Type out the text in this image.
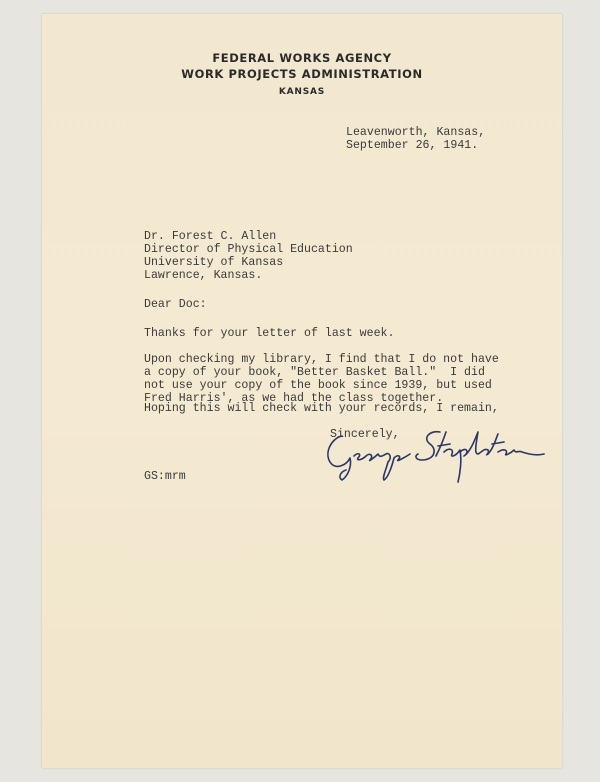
FEDERAL WORKS AGENCY
WORK PROJECTS ADMINISTRATION
KANSAS
Leavenworth, Kansas,
September 26, 1941.
Dr. Forest C. Allen
Director of Physical Education
University of Kansas
Lawrence, Kansas.
Dear Doc:
Thanks for your letter of last week.
Upon checking my library, I find that I do not have
a copy of your book, "Better Basket Ball."  I did
not use your copy of the book since 1939, but used
Fred Harris', as we had the class together.
Hoping this will check with your records, I remain,
Sincerely,
GS:mrm
